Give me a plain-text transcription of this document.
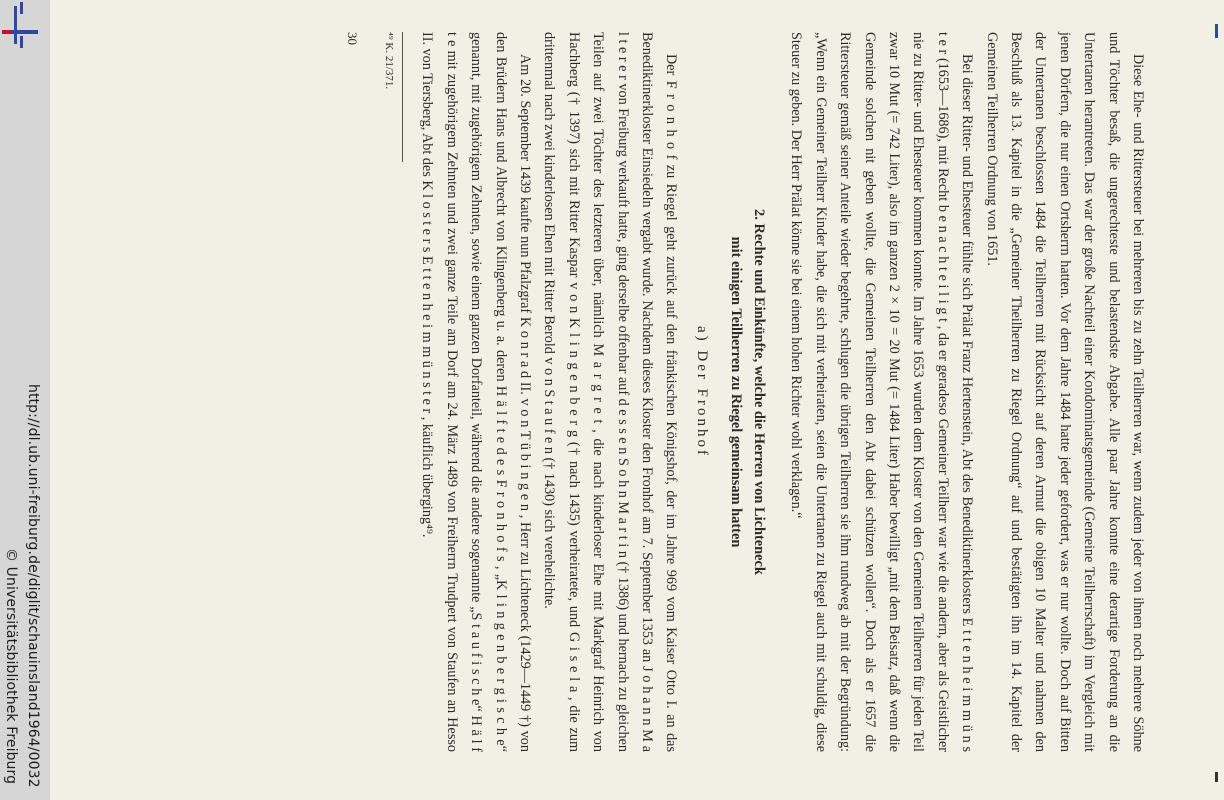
http://dl.ub.uni-freiburg.de/diglit/schauinsland1964/0032
© Universitätsbibliothek Freiburg	Diese Ehe- und Rittersteuer bei mehreren bis zu zehn Teilherren war, wenn zudem jeder von ihnen noch mehrere Söhne und Töchter besaß, die ungerechteste und belastendste Abgabe. Alle paar Jahre konnte eine derartige Forderung an die Untertanen herantreten. Das war der große Nachteil einer Kondominatsgemeinde (Gemeine Teilherrschaft) im Vergleich mit jenen Dörfern, die nur einen Ortsherrn hatten. Vor dem Jahre 1484 hatte jeder gefordert, was er nur wollte. Doch auf Bitten der Untertanen beschlossen 1484 die Teilherren mit Rücksicht auf deren Armut die obigen 10 Malter und nahmen den Beschluß als 13. Kapitel in die „Gemeiner Theilherren zu Riegel Ordnung“ auf und bestätigten ihn im 14. Kapitel der Gemeinen Teilherren Ordnung von 1651.

Bei dieser Ritter- und Ehesteuer fühlte sich Prälat Franz Hertenstein, Abt des Benediktinerklosters E t t e n h e i m m ü n s t e r (1653—1686), mit Recht b e n a c h t e i l i g t , da er geradeso Gemeiner Teilherr war wie die andern, aber als Geistlicher nie zu Ritter- und Ehesteuer kommen konnte. Im Jahre 1653 wurden dem Kloster von den Gemeinen Teilherren für jeden Teil zwar 10 Mut (= 742 Liter), also im ganzen 2 × 10 = 20 Mut (= 1484 Liter) Haber bewilligt „mit dem Beisatz, daß wenn die Gemeinde solchen nit geben wollte, die Gemeinen Teilherren den Abt dabei schützen wollen“. Doch als er 1657 die Rittersteuer gemäß seiner Anteile wieder begehrte, schlugen die übrigen Teilherren sie ihm rundweg ab mit der Begründung: „Wenn ein Gemeiner Teilherr Kinder habe, die sich mit verheiraten, seien die Untertanen zu Riegel auch mit schuldig, diese Steuer zu geben. Der Herr Prälat könne sie bei einem hohen Richter wohl verklagen.“

2. Rechte und Einkünfte, welche die Herren von Lichteneck
mit einigen Teilherren zu Riegel gemeinsam hatten
a) Der Fronhof

Der F r o n h o f zu Riegel geht zurück auf den fränkischen Königshof, der im Jahre 969 vom Kaiser Otto I. an das Benediktinerkloster Einsiedeln vergabt wurde. Nachdem dieses Kloster den Fronhof am 7. September 1353 an J o h a n n M a l t e r e r von Freiburg verkauft hatte, ging derselbe offenbar auf d e s s e n S o h n M a r t i n († 1386) und hernach zu gleichen Teilen auf zwei Töchter des letzteren über, nämlich M a r g r e t , die nach kinderloser Ehe mit Markgraf Heinrich von Hachberg († 1397) sich mit Ritter Kaspar v o n K l i n g e n b e r g († nach 1435) verheiratete, und G i s e l a , die zum drittenmal nach zwei kinderlosen Ehen mit Ritter Berold v o n S t a u f e n († 1430) sich verehelichte.

Am 20. September 1439 kaufte nun Pfalzgraf K o n r a d II. v o n T ü b i n g e n , Herr zu Lichteneck (1429—1449 †) von den Brüdern Hans und Albrecht von Klingenberg u. a. deren H ä l f t e d e s F r o n h o f s , „K l i n g e n b e r g i s c h e“ genannt, mit zugehörigem Zehnten, sowie einem ganzen Dorfanteil, während die andere sogenannte „S t a u f i s c h e“ H ä l f t e mit zugehörigem Zehnten und zwei ganze Teile am Dorf am 24. März 1489 von Freiherrn Trudpert von Staufen an Hesso II. von Tiersberg, Abt des K l o s t e r s E t t e n h e i m m ü n s t e r , käuflich überging⁴⁹.

⁴⁹ K. 21/371.

30
